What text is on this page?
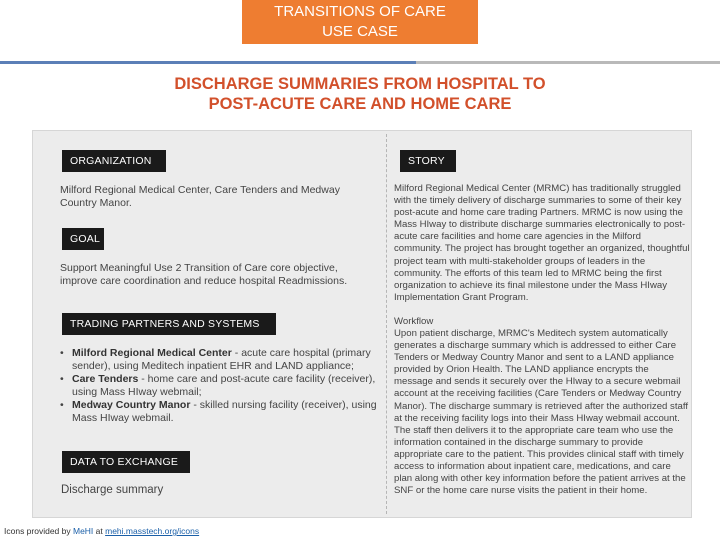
TRANSITIONS OF CARE
USE CASE
DISCHARGE SUMMARIES FROM HOSPITAL TO
POST-ACUTE CARE AND HOME CARE
ORGANIZATION
Milford Regional Medical Center, Care Tenders and Medway Country Manor.
GOAL
Support Meaningful Use 2 Transition of Care core objective, improve care coordination and reduce hospital Readmissions.
TRADING PARTNERS AND SYSTEMS
• Milford Regional Medical Center - acute care hospital (primary sender), using Meditech inpatient EHR and LAND appliance;
• Care Tenders - home care and post-acute care facility (receiver), using Mass HIway webmail;
• Medway Country Manor - skilled nursing facility (receiver), using Mass HIway webmail.
DATA TO EXCHANGE
Discharge summary
STORY
Milford Regional Medical Center (MRMC) has traditionally struggled with the timely delivery of discharge summaries to some of their key post-acute and home care trading Partners. MRMC is now using the Mass HIway to distribute discharge summaries electronically to post- acute care facilities and home care agencies in the Milford community. The project has brought together an organized, thoughtful project team with multi-stakeholder groups of leaders in the community. The efforts of this team led to MRMC being the first organization to achieve its final milestone under the Mass HIway Implementation Grant Program.
Workflow
Upon patient discharge, MRMC's Meditech system automatically generates a discharge summary which is addressed to either Care Tenders or Medway Country Manor and sent to a LAND appliance provided by Orion Health. The LAND appliance encrypts the message and sends it securely over the HIway to a secure webmail account at the receiving facilities (Care Tenders or Medway Country Manor). The discharge summary is retrieved after the authorized staff at the receiving facility logs into their Mass HIway webmail account. The staff then delivers it to the appropriate care team who use the information contained in the discharge summary to provide appropriate care to the patient. This provides clinical staff with timely access to information about inpatient care, medications, and care plan along with other key information before the patient arrives at the SNF or the home care nurse visits the patient in their home.
Icons provided by MeHI at mehi.masstech.org/icons
